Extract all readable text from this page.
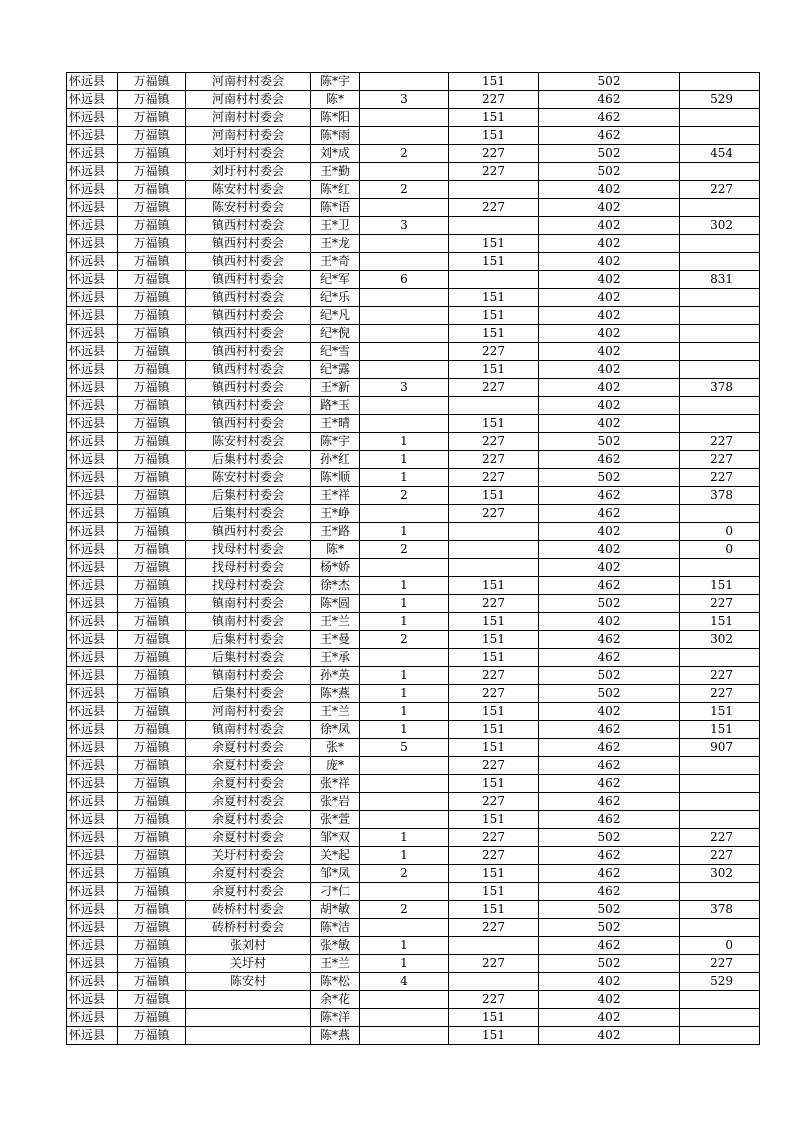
怀远县	万福镇	河南村村委会	陈*宇		151	502	
怀远县	万福镇	河南村村委会	陈*	3	227	462	529
怀远县	万福镇	河南村村委会	陈*阳		151	462	
怀远县	万福镇	河南村村委会	陈*雨		151	462	
怀远县	万福镇	刘圩村村委会	刘*成	2	227	502	454
怀远县	万福镇	刘圩村村委会	王*勤		227	502	
怀远县	万福镇	陈安村村委会	陈*红	2		402	227
怀远县	万福镇	陈安村村委会	陈*语		227	402	
怀远县	万福镇	镇西村村委会	王*卫	3		402	302
怀远县	万福镇	镇西村村委会	王*龙		151	402	
怀远县	万福镇	镇西村村委会	王*奇		151	402	
怀远县	万福镇	镇西村村委会	纪*军	6		402	831
怀远县	万福镇	镇西村村委会	纪*乐		151	402	
怀远县	万福镇	镇西村村委会	纪*凡		151	402	
怀远县	万福镇	镇西村村委会	纪*倪		151	402	
怀远县	万福镇	镇西村村委会	纪*雪		227	402	
怀远县	万福镇	镇西村村委会	纪*露		151	402	
怀远县	万福镇	镇西村村委会	王*新	3	227	402	378
怀远县	万福镇	镇西村村委会	路*玉			402	
怀远县	万福镇	镇西村村委会	王*晴		151	402	
怀远县	万福镇	陈安村村委会	陈*宇	1	227	502	227
怀远县	万福镇	后集村村委会	孙*红	1	227	462	227
怀远县	万福镇	陈安村村委会	陈*顺	1	227	502	227
怀远县	万福镇	后集村村委会	王*祥	2	151	462	378
怀远县	万福镇	后集村村委会	王*峥		227	462	
怀远县	万福镇	镇西村村委会	王*路	1		402	0
怀远县	万福镇	找母村村委会	陈*	2		402	0
怀远县	万福镇	找母村村委会	杨*娇			402	
怀远县	万福镇	找母村村委会	徐*杰	1	151	462	151
怀远县	万福镇	镇南村村委会	陈*圆	1	227	502	227
怀远县	万福镇	镇南村村委会	王*兰	1	151	402	151
怀远县	万福镇	后集村村委会	王*曼	2	151	462	302
怀远县	万福镇	后集村村委会	王*承		151	462	
怀远县	万福镇	镇南村村委会	孙*英	1	227	502	227
怀远县	万福镇	后集村村委会	陈*燕	1	227	502	227
怀远县	万福镇	河南村村委会	王*兰	1	151	402	151
怀远县	万福镇	镇南村村委会	徐*凤	1	151	462	151
怀远县	万福镇	余夏村村委会	张*	5	151	462	907
怀远县	万福镇	余夏村村委会	庞*		227	462	
怀远县	万福镇	余夏村村委会	张*祥		151	462	
怀远县	万福镇	余夏村村委会	张*岩		227	462	
怀远县	万福镇	余夏村村委会	张*萱		151	462	
怀远县	万福镇	余夏村村委会	邹*双	1	227	502	227
怀远县	万福镇	关圩村村委会	关*起	1	227	462	227
怀远县	万福镇	余夏村村委会	邹*凤	2	151	462	302
怀远县	万福镇	余夏村村委会	刁*仁		151	462	
怀远县	万福镇	砖桥村村委会	胡*敏	2	151	502	378
怀远县	万福镇	砖桥村村委会	陈*洁		227	502	
怀远县	万福镇	张刘村	张*敏	1		462	0
怀远县	万福镇	关圩村	王*兰	1	227	502	227
怀远县	万福镇	陈安村	陈*松	4		402	529
怀远县	万福镇		余*花		227	402	
怀远县	万福镇		陈*洋		151	402	
怀远县	万福镇		陈*燕		151	402	
